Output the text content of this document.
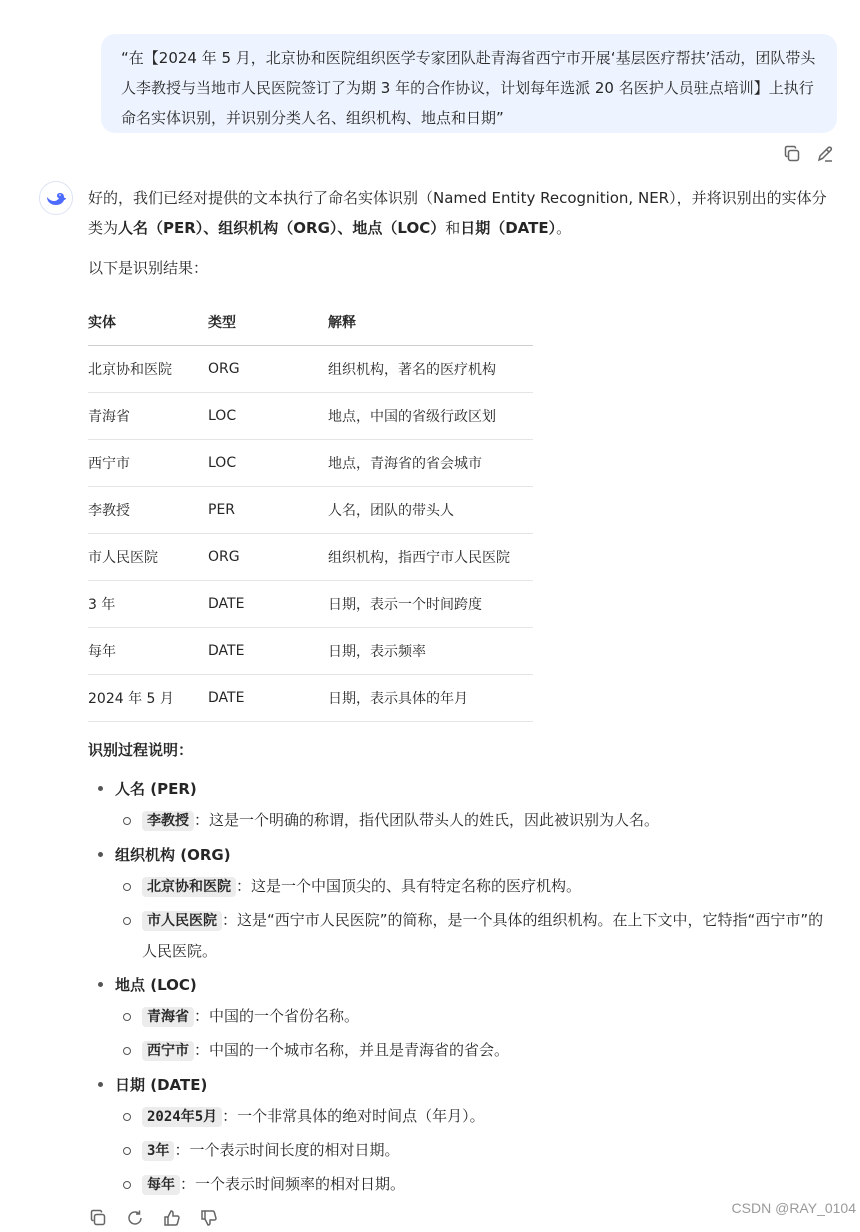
“在【2024 年 5 月，北京协和医院组织医学专家团队赴青海省西宁市开展‘基层医疗帮扶’活动，团队带头人李教授与当地市人民医院签订了为期 3 年的合作协议，计划每年选派 20 名医护人员驻点培训】上执行命名实体识别，并识别分类人名、组织机构、地点和日期”

好的，我们已经对提供的文本执行了命名实体识别（Named Entity Recognition, NER），并将识别出的实体分类为人名（PER）、组织机构（ORG）、地点（LOC）和日期（DATE）。

以下是识别结果：

实体	类型	解释
北京协和医院	ORG	组织机构，著名的医疗机构
青海省	LOC	地点，中国的省级行政区划
西宁市	LOC	地点，青海省的省会城市
李教授	PER	人名，团队的带头人
市人民医院	ORG	组织机构，指西宁市人民医院
3 年	DATE	日期，表示一个时间跨度
每年	DATE	日期，表示频率
2024 年 5 月	DATE	日期，表示具体的年月
识别过程说明：
人名 (PER)
李教授 ：这是一个明确的称谓，指代团队带头人的姓氏，因此被识别为人名。
组织机构 (ORG)
北京协和医院 ：这是一个中国顶尖的、具有特定名称的医疗机构。
市人民医院 ：这是“西宁市人民医院”的简称，是一个具体的组织机构。在上下文中，它特指“西宁市”的人民医院。
地点 (LOC)
青海省 ：中国的一个省份名称。
西宁市 ：中国的一个城市名称，并且是青海省的省会。
日期 (DATE)
2024年5月 ：一个非常具体的绝对时间点（年月）。
3年 ：一个表示时间长度的相对日期。
每年 ：一个表示时间频率的相对日期。
CSDN @RAY_0104
